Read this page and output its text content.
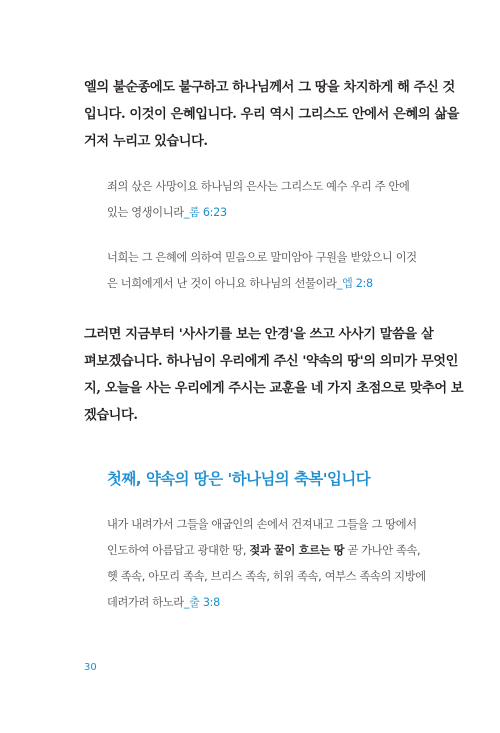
엘의 불순종에도 불구하고 하나님께서 그 땅을 차지하게 해 주신 것
입니다. 이것이 은혜입니다. 우리 역시 그리스도 안에서 은혜의 삶을
거저 누리고 있습니다.
죄의 삯은 사망이요 하나님의 은사는 그리스도 예수 우리 주 안에
있는 영생이니라_롬 6:23
너희는 그 은혜에 의하여 믿음으로 말미암아 구원을 받았으니 이것
은 너희에게서 난 것이 아니요 하나님의 선물이라_엡 2:8
그러면 지금부터 '사사기를 보는 안경'을 쓰고 사사기 말씀을 살
펴보겠습니다. 하나님이 우리에게 주신 '약속의 땅'의 의미가 무엇인
지, 오늘을 사는 우리에게 주시는 교훈을 네 가지 초점으로 맞추어 보
겠습니다.
첫째, 약속의 땅은 '하나님의 축복'입니다
내가 내려가서 그들을 애굽인의 손에서 건져내고 그들을 그 땅에서
인도하여 아름답고 광대한 땅, 젖과 꿀이 흐르는 땅 곧 가나안 족속,
헷 족속, 아모리 족속, 브리스 족속, 히위 족속, 여부스 족속의 지방에
데려가려 하노라_출 3:8
30
